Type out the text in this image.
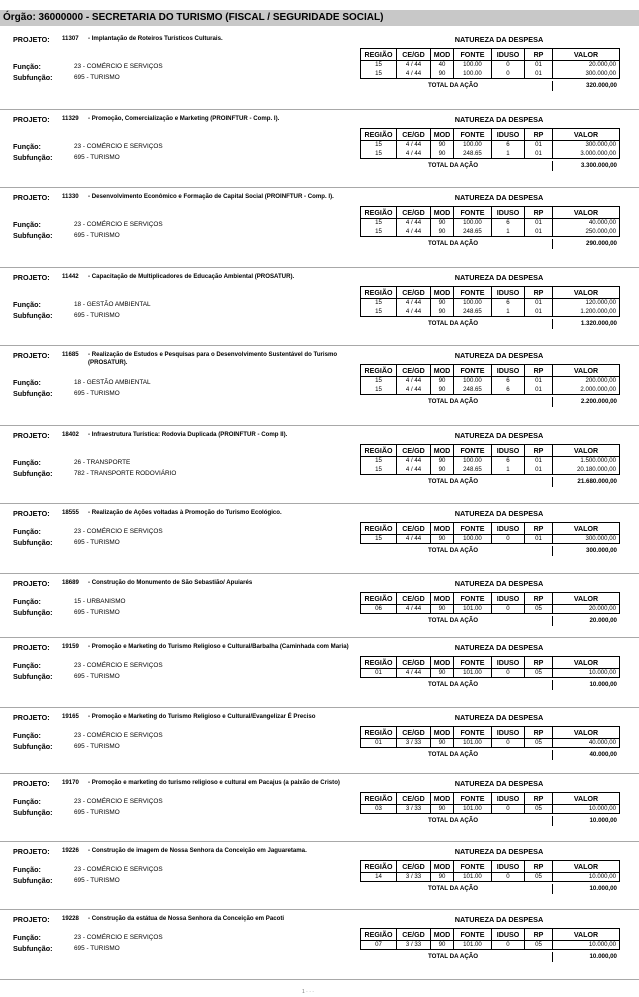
Órgão: 36000000 - SECRETARIA DO TURISMO (FISCAL / SEGURIDADE SOCIAL)
PROJETO: 11307 - Implantação de Roteiros Turísticos Culturais.	NATUREZA DA DESPESA
REGIÃO	CE/GD	MOD	FONTE	IDUSO	RP	VALOR
15	4 / 44	40	100.00	0	01	20.000,00
15	4 / 44	90	100.00	0	01	300.000,00
TOTAL DA AÇÃO	320.000,00
Função:	23 - COMÉRCIO E SERVIÇOS
Subfunção:	695 - TURISMO
PROJETO: 11329 - Promoção, Comercialização e Marketing (PROINFTUR - Comp. I).	NATUREZA DA DESPESA
REGIÃO	CE/GD	MOD	FONTE	IDUSO	RP	VALOR
15	4 / 44	90	100.00	6	01	300.000,00
15	4 / 44	90	248.65	1	01	3.000.000,00
TOTAL DA AÇÃO	3.300.000,00
Função:	23 - COMÉRCIO E SERVIÇOS
Subfunção:	695 - TURISMO
PROJETO: 11330 - Desenvolvimento Econômico e Formação de Capital Social (PROINFTUR - Comp. I).	NATUREZA DA DESPESA
REGIÃO	CE/GD	MOD	FONTE	IDUSO	RP	VALOR
15	4 / 44	90	100.00	6	01	40.000,00
15	4 / 44	90	248.65	1	01	250.000,00
TOTAL DA AÇÃO	290.000,00
Função:	23 - COMÉRCIO E SERVIÇOS
Subfunção:	695 - TURISMO
PROJETO: 11442 - Capacitação de Multiplicadores de Educação Ambiental (PROSATUR).	NATUREZA DA DESPESA
REGIÃO	CE/GD	MOD	FONTE	IDUSO	RP	VALOR
15	4 / 44	90	100.00	6	01	120.000,00
15	4 / 44	90	248.65	1	01	1.200.000,00
TOTAL DA AÇÃO	1.320.000,00
Função:	18 - GESTÃO AMBIENTAL
Subfunção:	695 - TURISMO
PROJETO: 11685 - Realização de Estudos e Pesquisas para o Desenvolvimento Sustentável do Turismo (PROSATUR).
NATUREZA DA DESPESA
REGIÃO	CE/GD	MOD	FONTE	IDUSO	RP	VALOR
15	4 / 44	90	100.00	6	01	200.000,00
15	4 / 44	90	248.65	6	01	2.000.000,00
TOTAL DA AÇÃO	2.200.000,00
Função:	18 - GESTÃO AMBIENTAL
Subfunção:	695 - TURISMO
PROJETO: 18402 - Infraestrutura Turística: Rodovia Duplicada (PROINFTUR - Comp II).	NATUREZA DA DESPESA
REGIÃO	CE/GD	MOD	FONTE	IDUSO	RP	VALOR
15	4 / 44	90	100.00	6	01	1.500.000,00
15	4 / 44	90	248.65	1	01	20.180.000,00
TOTAL DA AÇÃO	21.680.000,00
Função:	26 - TRANSPORTE
Subfunção:	782 - TRANSPORTE RODOVIÁRIO
PROJETO: 18555 - Realização de Ações voltadas à Promoção do Turismo Ecológico.	NATUREZA DA DESPESA
REGIÃO	CE/GD	MOD	FONTE	IDUSO	RP	VALOR
15	4 / 44	90	100.00	0	01	300.000,00
TOTAL DA AÇÃO	300.000,00
Função:	23 - COMÉRCIO E SERVIÇOS
Subfunção:	695 - TURISMO
PROJETO: 18689 - Construção do Monumento de São Sebastião/ Apuiarés	NATUREZA DA DESPESA
REGIÃO	CE/GD	MOD	FONTE	IDUSO	RP	VALOR
06	4 / 44	90	101.00	0	05	20.000,00
TOTAL DA AÇÃO	20.000,00
Função:	15 - URBANISMO
Subfunção:	695 - TURISMO
PROJETO: 19159 - Promoção e Marketing do Turismo Religioso e Cultural/Barbalha (Caminhada com Maria)	NATUREZA DA DESPESA
REGIÃO	CE/GD	MOD	FONTE	IDUSO	RP	VALOR
01	4 / 44	90	101.00	0	05	10.000,00
TOTAL DA AÇÃO	10.000,00
Função:	23 - COMÉRCIO E SERVIÇOS
Subfunção:	695 - TURISMO
PROJETO: 19165 - Promoção e Marketing do Turismo Religioso e Cultural/Evangelizar É Preciso	NATUREZA DA DESPESA
REGIÃO	CE/GD	MOD	FONTE	IDUSO	RP	VALOR
01	3 / 33	90	101.00	0	05	40.000,00
TOTAL DA AÇÃO	40.000,00
Função:	23 - COMÉRCIO E SERVIÇOS
Subfunção:	695 - TURISMO
PROJETO: 19170 - Promoção e marketing do turismo religioso e cultural em Pacajus (a paixão de Cristo)	NATUREZA DA DESPESA
REGIÃO	CE/GD	MOD	FONTE	IDUSO	RP	VALOR
03	3 / 33	90	101.00	0	05	10.000,00
TOTAL DA AÇÃO	10.000,00
Função:	23 - COMÉRCIO E SERVIÇOS
Subfunção:	695 - TURISMO
PROJETO: 19226 - Construção de imagem de Nossa Senhora da Conceição em Jaguaretama.	NATUREZA DA DESPESA
REGIÃO	CE/GD	MOD	FONTE	IDUSO	RP	VALOR
14	3 / 33	90	101.00	0	05	10.000,00
TOTAL DA AÇÃO	10.000,00
Função:	23 - COMÉRCIO E SERVIÇOS
Subfunção:	695 - TURISMO
PROJETO: 19228 - Construção da estátua de Nossa Senhora da Conceição em Pacoti	NATUREZA DA DESPESA
REGIÃO	CE/GD	MOD	FONTE	IDUSO	RP	VALOR
07	3 / 33	90	101.00	0	05	10.000,00
TOTAL DA AÇÃO	10.000,00
Função:	23 - COMÉRCIO E SERVIÇOS
Subfunção:	695 - TURISMO
1 · · ·
